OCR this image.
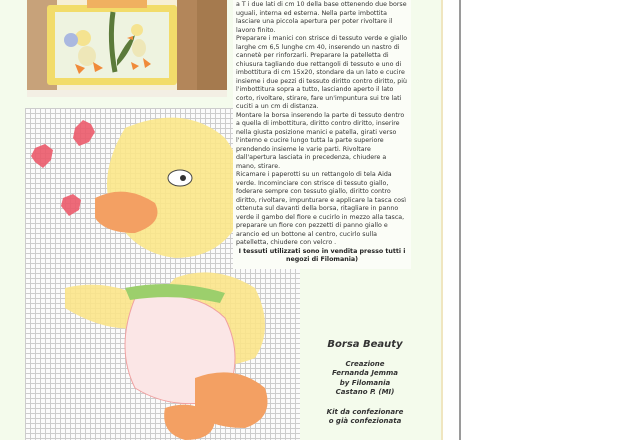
a T i due lati di cm 10 della base ottenendo due borse uguali, interna ed esterna. Nella parte imbottita lasciare una piccola apertura per poter rivoltare il lavoro finito.

Preparare i manici con strisce di tessuto verde e giallo larghe cm 6,5 lunghe cm 40, inserendo un nastro di cannetè per rinforzarli. Preparare la patelletta di chiusura tagliando due rettangoli di tessuto e uno di imbottitura di cm 15x20, stondare da un lato e cucire insieme i due pezzi di tessuto diritto contro diritto, più l'imbottitura sopra a tutto, lasciando aperto il lato corto, rivoltare, stirare, fare un'impuntura sui tre lati cuciti a un cm di distanza.

Montare la borsa inserendo la parte di tessuto dentro a quella di imbottitura, diritto contro diritto, inserire nella giusta posizione manici e patella, girati verso l'interno e cucire lungo tutta la parte superiore prendendo insieme le varie parti. Rivoltare dall'apertura lasciata in precedenza, chiudere a mano, stirare.

Ricamare i paperotti su un rettangolo di tela Aida verde. Incominciare con strisce di tessuto giallo, foderare sempre con tessuto giallo, diritto contro diritto, rivoltare, impunturare e applicare la tasca così ottenuta sul davanti della borsa, ritagliare in panno verde il gambo del fiore e cucirlo in mezzo alla tasca, preparare un fiore con pezzetti di panno giallo e arancio ed un bottone al centro, cucirlo sulla patelletta, chiudere con velcro .

I tessuti utilizzati sono in vendita presso tutti i negozi di Filomania)

Borsa Beauty
Creazione
Fernanda Jemma
by Filomania
Castano P. (MI)
Kit da confezionare
o già confezionata
